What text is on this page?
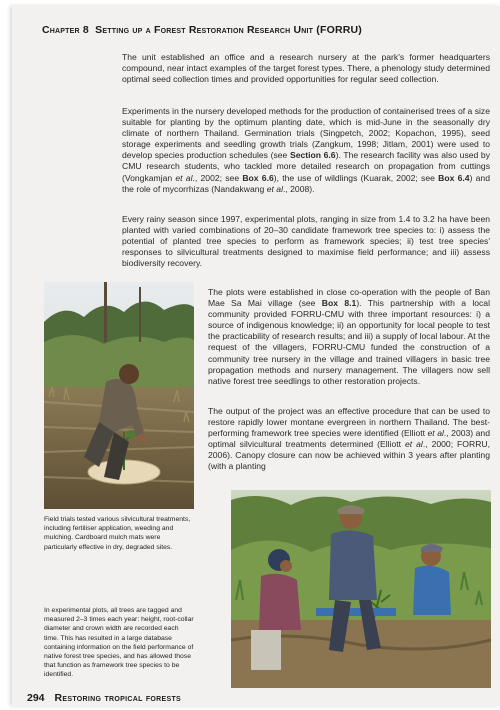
Chapter 8 Setting up a Forest Restoration Research Unit (FORRU)

The unit established an office and a research nursery at the park's former headquarters compound, near intact examples of the target forest types. There, a phenology study determined optimal seed collection times and provided opportunities for regular seed collection.

Experiments in the nursery developed methods for the production of containerised trees of a size suitable for planting by the optimum planting date, which is mid-June in the seasonally dry climate of northern Thailand. Germination trials (Singpetch, 2002; Kopachon, 1995), seed storage experiments and seedling growth trials (Zangkum, 1998; Jitlam, 2001) were used to develop species production schedules (see Section 6.6). The research facility was also used by CMU research students, who tackled more detailed research on propagation from cuttings (Vongkamjan et al., 2002; see Box 6.6), the use of wildlings (Kuarak, 2002; see Box 6.4) and the role of mycorrhizas (Nandakwang et al., 2008).

Every rainy season since 1997, experimental plots, ranging in size from 1.4 to 3.2 ha have been planted with varied combinations of 20–30 candidate framework tree species to: i) assess the potential of planted tree species to perform as framework species; ii) test tree species' responses to silvicultural treatments designed to maximise field performance; and iii) assess biodiversity recovery.

Field trials tested various silvicultural treatments, including fertiliser application, weeding and mulching. Cardboard mulch mats were particularly effective in dry, degraded sites.

In experimental plots, all trees are tagged and measured 2–3 times each year: height, root-collar diameter and crown width are recorded each time. This has resulted in a large database containing information on the field performance of native forest tree species, and has allowed those that function as framework tree species to be identified.

The plots were established in close co-operation with the people of Ban Mae Sa Mai village (see Box 8.1). This partnership with a local community provided FORRU-CMU with three important resources: i) a source of indigenous knowledge; ii) an opportunity for local people to test the practicability of research results; and iii) a supply of local labour. At the request of the villagers, FORRU-CMU funded the construction of a community tree nursery in the village and trained villagers in basic tree propagation methods and nursery management. The villagers now sell native forest tree seedlings to other restoration projects.

The output of the project was an effective procedure that can be used to restore rapidly lower montane evergreen in northern Thailand. The best-performing framework tree species were identified (Elliott et al., 2003) and optimal silvicultural treatments determined (Elliott et al., 2000; FORRU, 2006). Canopy closure can now be achieved within 3 years after planting (with a planting

294 Restoring tropical forests
